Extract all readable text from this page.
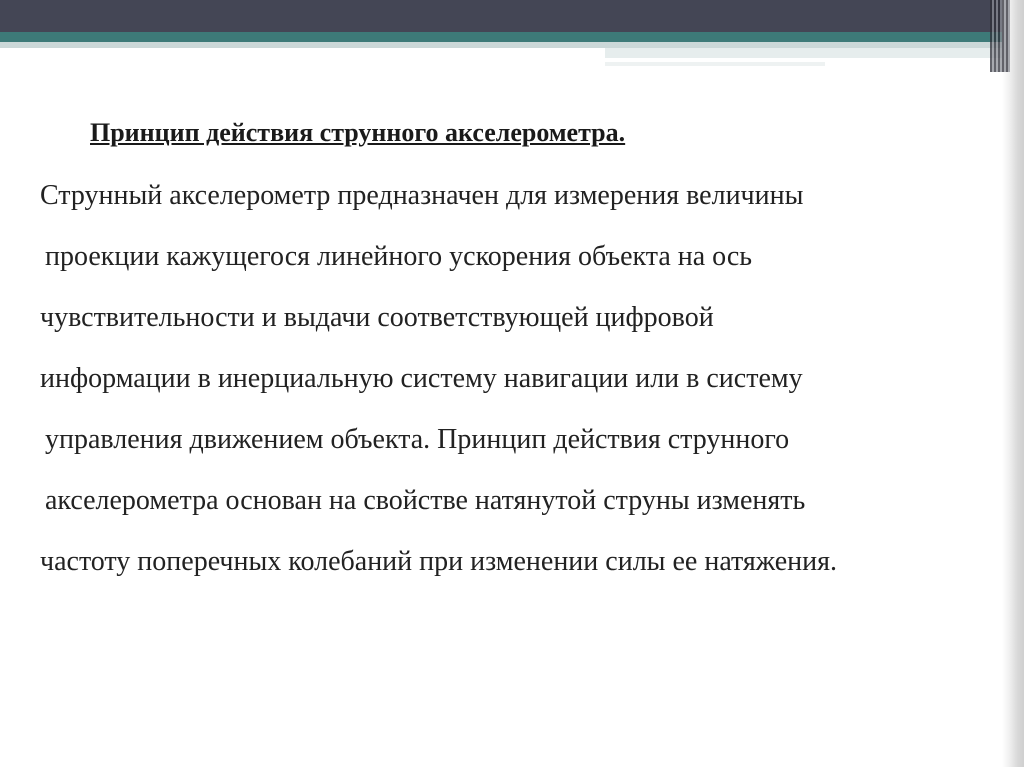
Принцип действия струнного акселерометра.

Струнный акселерометр предназначен для измерения величины

проекции кажущегося линейного ускорения объекта на ось

чувствительности и выдачи соответствующей цифровой

информации в инерциальную систему навигации или в систему

управления движением объекта. Принцип действия струнного

акселерометра основан на свойстве натянутой струны изменять

частоту поперечных колебаний при изменении силы ее натяжения.
